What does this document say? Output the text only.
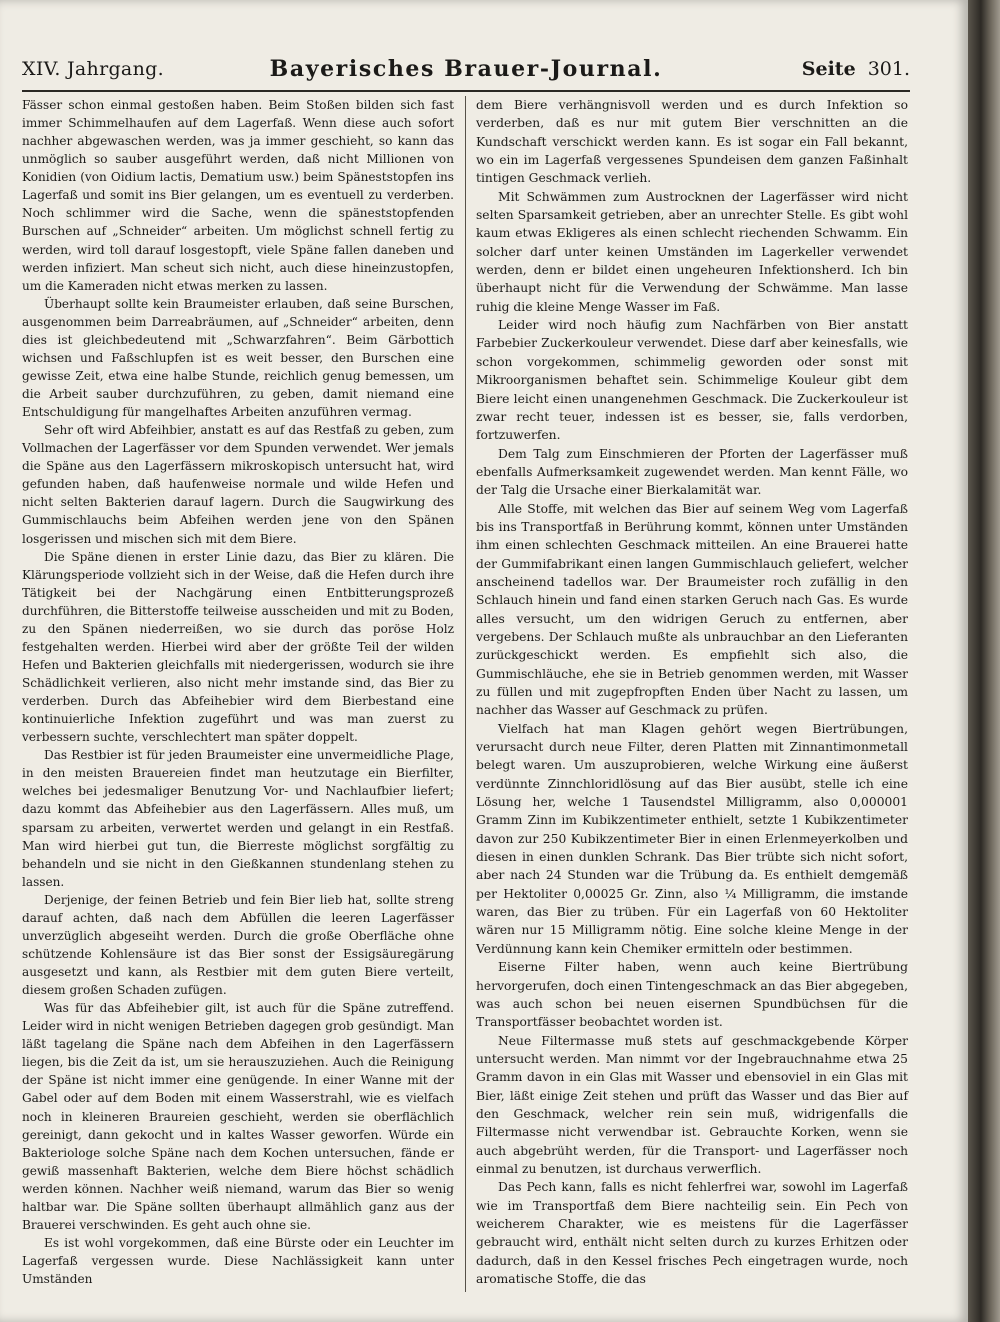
XIV. Jahrgang.	Bayerisches Brauer-Journal.	Seite 301.

Fässer schon einmal gestoßen haben. Beim Stoßen bilden sich fast immer Schimmelhaufen auf dem Lagerfaß. Wenn diese auch sofort nachher abgewaschen werden, was ja immer geschieht, so kann das unmöglich so sauber ausgeführt werden, daß nicht Millionen von Konidien (von Oidium lactis, Dematium usw.) beim Späneststopfen ins Lagerfaß und somit ins Bier gelangen, um es eventuell zu verderben. Noch schlimmer wird die Sache, wenn die späneststopfenden Burschen auf „Schneider“ arbeiten. Um möglichst schnell fertig zu werden, wird toll darauf losgestopft, viele Späne fallen daneben und werden infiziert. Man scheut sich nicht, auch diese hineinzustopfen, um die Kameraden nicht etwas merken zu lassen.

Überhaupt sollte kein Braumeister erlauben, daß seine Burschen, ausgenommen beim Darreabräumen, auf „Schneider“ arbeiten, denn dies ist gleichbedeutend mit „Schwarzfahren“. Beim Gärbottich wichsen und Faßschlupfen ist es weit besser, den Burschen eine gewisse Zeit, etwa eine halbe Stunde, reichlich genug bemessen, um die Arbeit sauber durchzuführen, zu geben, damit niemand eine Entschuldigung für mangelhaftes Arbeiten anzuführen vermag.

Sehr oft wird Abfeihbier, anstatt es auf das Restfaß zu geben, zum Vollmachen der Lagerfässer vor dem Spunden verwendet. Wer jemals die Späne aus den Lagerfässern mikroskopisch untersucht hat, wird gefunden haben, daß haufenweise normale und wilde Hefen und nicht selten Bakterien darauf lagern. Durch die Saugwirkung des Gummischlauchs beim Abfeihen werden jene von den Spänen losgerissen und mischen sich mit dem Biere.

Die Späne dienen in erster Linie dazu, das Bier zu klären. Die Klärungsperiode vollzieht sich in der Weise, daß die Hefen durch ihre Tätigkeit bei der Nachgärung einen Entbitterungsprozeß durchführen, die Bitterstoffe teilweise ausscheiden und mit zu Boden, zu den Spänen niederreißen, wo sie durch das poröse Holz festgehalten werden. Hierbei wird aber der größte Teil der wilden Hefen und Bakterien gleichfalls mit niedergerissen, wodurch sie ihre Schädlichkeit verlieren, also nicht mehr imstande sind, das Bier zu verderben. Durch das Abfeihebier wird dem Bierbestand eine kontinuierliche Infektion zugeführt und was man zuerst zu verbessern suchte, verschlechtert man später doppelt.

Das Restbier ist für jeden Braumeister eine unvermeidliche Plage, in den meisten Brauereien findet man heutzutage ein Bierfilter, welches bei jedesmaliger Benutzung Vor- und Nachlaufbier liefert; dazu kommt das Abfeihebier aus den Lagerfässern. Alles muß, um sparsam zu arbeiten, verwertet werden und gelangt in ein Restfaß. Man wird hierbei gut tun, die Bierreste möglichst sorgfältig zu behandeln und sie nicht in den Gießkannen stundenlang stehen zu lassen.

Derjenige, der feinen Betrieb und fein Bier lieb hat, sollte streng darauf achten, daß nach dem Abfüllen die leeren Lagerfässer unverzüglich abgeseiht werden. Durch die große Oberfläche ohne schützende Kohlensäure ist das Bier sonst der Essigsäuregärung ausgesetzt und kann, als Restbier mit dem guten Biere verteilt, diesem großen Schaden zufügen.

Was für das Abfeihebier gilt, ist auch für die Späne zutreffend. Leider wird in nicht wenigen Betrieben dagegen grob gesündigt. Man läßt tagelang die Späne nach dem Abfeihen in den Lagerfässern liegen, bis die Zeit da ist, um sie herauszuziehen. Auch die Reinigung der Späne ist nicht immer eine genügende. In einer Wanne mit der Gabel oder auf dem Boden mit einem Wasserstrahl, wie es vielfach noch in kleineren Braureien geschieht, werden sie oberflächlich gereinigt, dann gekocht und in kaltes Wasser geworfen. Würde ein Bakteriologe solche Späne nach dem Kochen untersuchen, fände er gewiß massenhaft Bakterien, welche dem Biere höchst schädlich werden können. Nachher weiß niemand, warum das Bier so wenig haltbar war. Die Späne sollten überhaupt allmählich ganz aus der Brauerei verschwinden. Es geht auch ohne sie.

Es ist wohl vorgekommen, daß eine Bürste oder ein Leuchter im Lagerfaß vergessen wurde. Diese Nachlässigkeit kann unter Umständen

dem Biere verhängnisvoll werden und es durch Infektion so verderben, daß es nur mit gutem Bier verschnitten an die Kundschaft verschickt werden kann. Es ist sogar ein Fall bekannt, wo ein im Lagerfaß vergessenes Spundeisen dem ganzen Faßinhalt tintigen Geschmack verlieh.

Mit Schwämmen zum Austrocknen der Lagerfässer wird nicht selten Sparsamkeit getrieben, aber an unrechter Stelle. Es gibt wohl kaum etwas Ekligeres als einen schlecht riechenden Schwamm. Ein solcher darf unter keinen Umständen im Lagerkeller verwendet werden, denn er bildet einen ungeheuren Infektionsherd. Ich bin überhaupt nicht für die Verwendung der Schwämme. Man lasse ruhig die kleine Menge Wasser im Faß.

Leider wird noch häufig zum Nachfärben von Bier anstatt Farbebier Zuckerkouleur verwendet. Diese darf aber keinesfalls, wie schon vorgekommen, schimmelig geworden oder sonst mit Mikroorganismen behaftet sein. Schimmelige Kouleur gibt dem Biere leicht einen unangenehmen Geschmack. Die Zuckerkouleur ist zwar recht teuer, indessen ist es besser, sie, falls verdorben, fortzuwerfen.

Dem Talg zum Einschmieren der Pforten der Lagerfässer muß ebenfalls Aufmerksamkeit zugewendet werden. Man kennt Fälle, wo der Talg die Ursache einer Bierkalamität war.

Alle Stoffe, mit welchen das Bier auf seinem Weg vom Lagerfaß bis ins Transportfaß in Berührung kommt, können unter Umständen ihm einen schlechten Geschmack mitteilen. An eine Brauerei hatte der Gummifabrikant einen langen Gummischlauch geliefert, welcher anscheinend tadellos war. Der Braumeister roch zufällig in den Schlauch hinein und fand einen starken Geruch nach Gas. Es wurde alles versucht, um den widrigen Geruch zu entfernen, aber vergebens. Der Schlauch mußte als unbrauchbar an den Lieferanten zurückgeschickt werden. Es empfiehlt sich also, die Gummischläuche, ehe sie in Betrieb genommen werden, mit Wasser zu füllen und mit zugepfropften Enden über Nacht zu lassen, um nachher das Wasser auf Geschmack zu prüfen.

Vielfach hat man Klagen gehört wegen Biertrübungen, verursacht durch neue Filter, deren Platten mit Zinnantimonmetall belegt waren. Um auszuprobieren, welche Wirkung eine äußerst verdünnte Zinnchloridlösung auf das Bier ausübt, stelle ich eine Lösung her, welche 1 Tausendstel Milligramm, also 0,000001 Gramm Zinn im Kubikzentimeter enthielt, setzte 1 Kubikzentimeter davon zur 250 Kubikzentimeter Bier in einen Erlenmeyerkolben und diesen in einen dunklen Schrank. Das Bier trübte sich nicht sofort, aber nach 24 Stunden war die Trübung da. Es enthielt demgemäß per Hektoliter 0,00025 Gr. Zinn, also ¼ Milligramm, die imstande waren, das Bier zu trüben. Für ein Lagerfaß von 60 Hektoliter wären nur 15 Milligramm nötig. Eine solche kleine Menge in der Verdünnung kann kein Chemiker ermitteln oder bestimmen.

Eiserne Filter haben, wenn auch keine Biertrübung hervorgerufen, doch einen Tintengeschmack an das Bier abgegeben, was auch schon bei neuen eisernen Spundbüchsen für die Transportfässer beobachtet worden ist.

Neue Filtermasse muß stets auf geschmackgebende Körper untersucht werden. Man nimmt vor der Ingebrauchnahme etwa 25 Gramm davon in ein Glas mit Wasser und ebensoviel in ein Glas mit Bier, läßt einige Zeit stehen und prüft das Wasser und das Bier auf den Geschmack, welcher rein sein muß, widrigenfalls die Filtermasse nicht verwendbar ist. Gebrauchte Korken, wenn sie auch abgebrüht werden, für die Transport- und Lagerfässer noch einmal zu benutzen, ist durchaus verwerflich.

Das Pech kann, falls es nicht fehlerfrei war, sowohl im Lagerfaß wie im Transportfaß dem Biere nachteilig sein. Ein Pech von weicherem Charakter, wie es meistens für die Lagerfässer gebraucht wird, enthält nicht selten durch zu kurzes Erhitzen oder dadurch, daß in den Kessel frisches Pech eingetragen wurde, noch aromatische Stoffe, die das
